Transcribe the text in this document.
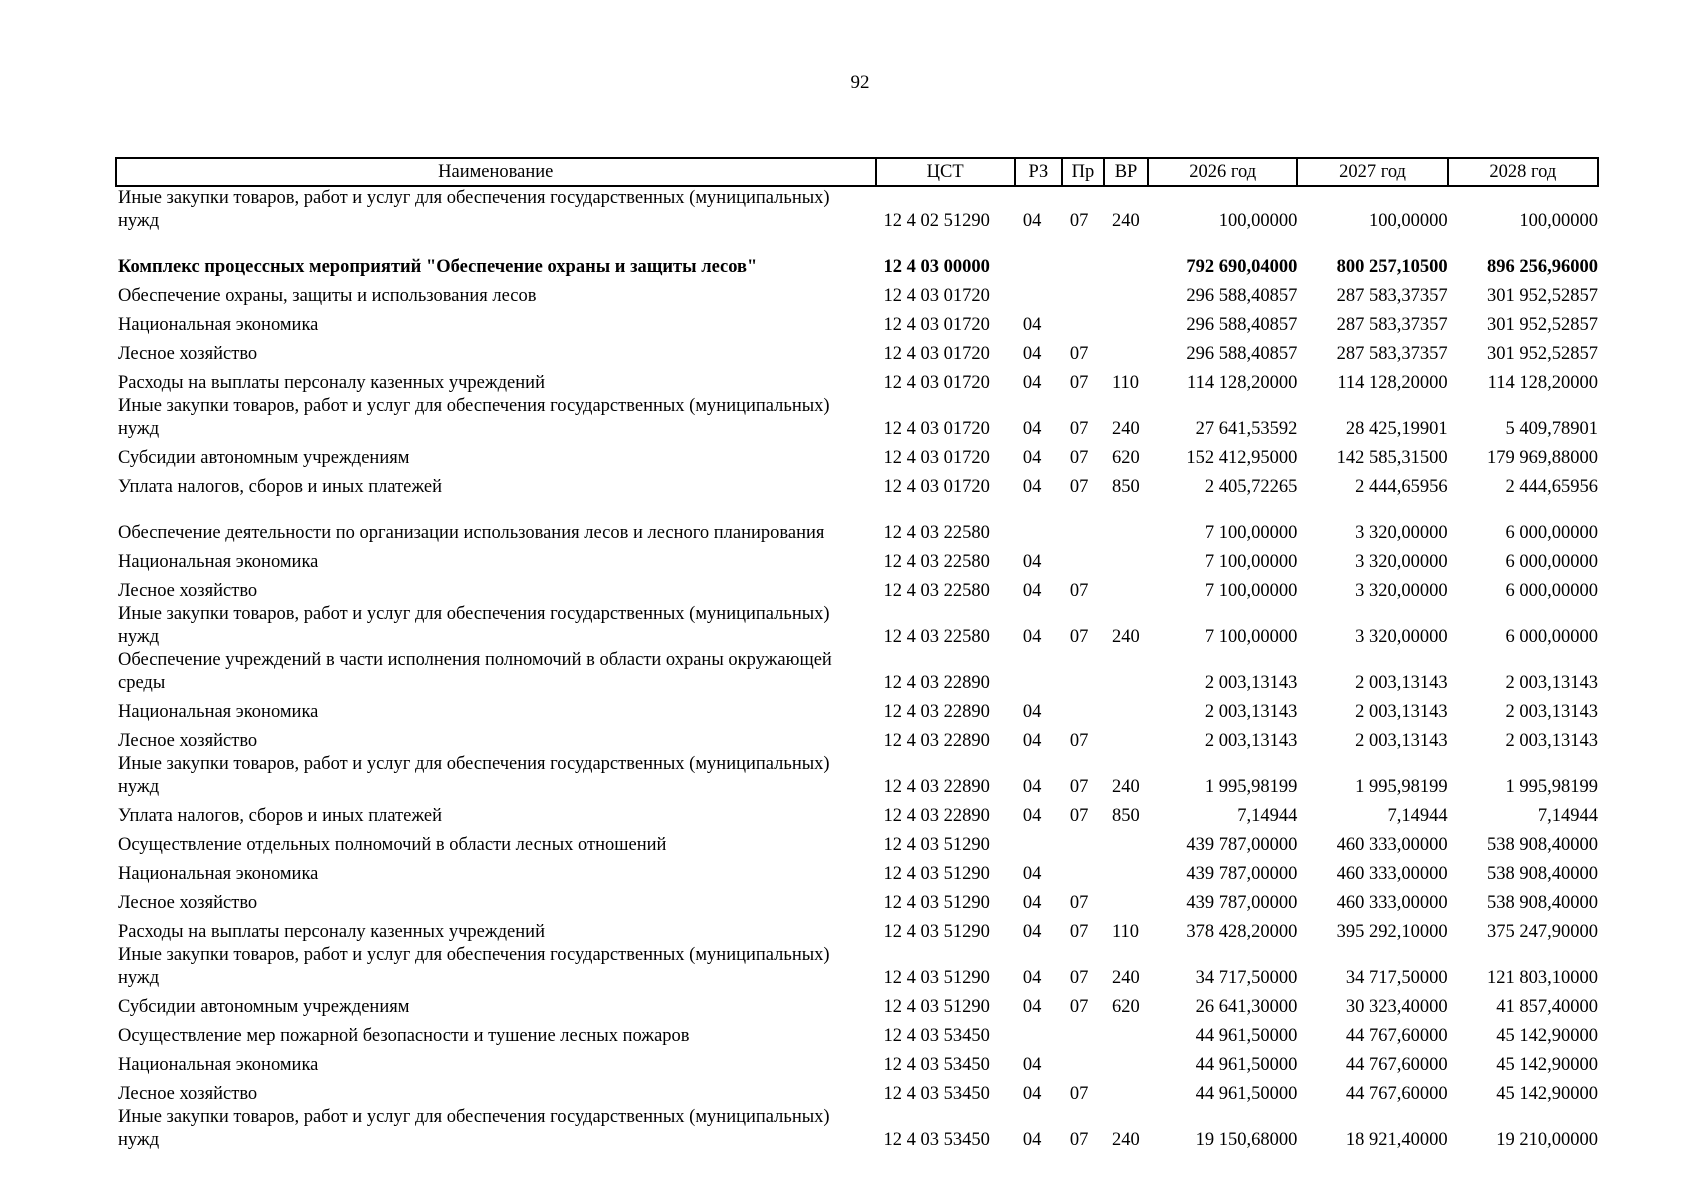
92
Наименование	ЦСТ	РЗ	Пр	ВР	2026 год	2027 год	2028 год
Иные закупки товаров, работ и услуг для обеспечения государственных (муниципальных) нужд	12 4 02 51290	04	07	240	100,00000	100,00000	100,00000
Комплекс процессных мероприятий "Обеспечение охраны и защиты лесов"	12 4 03 00000				792 690,04000	800 257,10500	896 256,96000
Обеспечение охраны, защиты и использования лесов	12 4 03 01720				296 588,40857	287 583,37357	301 952,52857
Национальная экономика	12 4 03 01720	04			296 588,40857	287 583,37357	301 952,52857
Лесное хозяйство	12 4 03 01720	04	07		296 588,40857	287 583,37357	301 952,52857
Расходы на выплаты персоналу казенных учреждений	12 4 03 01720	04	07	110	114 128,20000	114 128,20000	114 128,20000
Иные закупки товаров, работ и услуг для обеспечения государственных (муниципальных) нужд	12 4 03 01720	04	07	240	27 641,53592	28 425,19901	5 409,78901
Субсидии автономным учреждениям	12 4 03 01720	04	07	620	152 412,95000	142 585,31500	179 969,88000
Уплата налогов, сборов и иных платежей	12 4 03 01720	04	07	850	2 405,72265	2 444,65956	2 444,65956
Обеспечение деятельности по организации использования лесов и лесного планирования	12 4 03 22580				7 100,00000	3 320,00000	6 000,00000
Национальная экономика	12 4 03 22580	04			7 100,00000	3 320,00000	6 000,00000
Лесное хозяйство	12 4 03 22580	04	07		7 100,00000	3 320,00000	6 000,00000
Иные закупки товаров, работ и услуг для обеспечения государственных (муниципальных) нужд	12 4 03 22580	04	07	240	7 100,00000	3 320,00000	6 000,00000
Обеспечение учреждений в части исполнения полномочий в области охраны окружающей среды	12 4 03 22890				2 003,13143	2 003,13143	2 003,13143
Национальная экономика	12 4 03 22890	04			2 003,13143	2 003,13143	2 003,13143
Лесное хозяйство	12 4 03 22890	04	07		2 003,13143	2 003,13143	2 003,13143
Иные закупки товаров, работ и услуг для обеспечения государственных (муниципальных) нужд	12 4 03 22890	04	07	240	1 995,98199	1 995,98199	1 995,98199
Уплата налогов, сборов и иных платежей	12 4 03 22890	04	07	850	7,14944	7,14944	7,14944
Осуществление отдельных полномочий в области лесных отношений	12 4 03 51290				439 787,00000	460 333,00000	538 908,40000
Национальная экономика	12 4 03 51290	04			439 787,00000	460 333,00000	538 908,40000
Лесное хозяйство	12 4 03 51290	04	07		439 787,00000	460 333,00000	538 908,40000
Расходы на выплаты персоналу казенных учреждений	12 4 03 51290	04	07	110	378 428,20000	395 292,10000	375 247,90000
Иные закупки товаров, работ и услуг для обеспечения государственных (муниципальных) нужд	12 4 03 51290	04	07	240	34 717,50000	34 717,50000	121 803,10000
Субсидии автономным учреждениям	12 4 03 51290	04	07	620	26 641,30000	30 323,40000	41 857,40000
Осуществление мер пожарной безопасности и тушение лесных пожаров	12 4 03 53450				44 961,50000	44 767,60000	45 142,90000
Национальная экономика	12 4 03 53450	04			44 961,50000	44 767,60000	45 142,90000
Лесное хозяйство	12 4 03 53450	04	07		44 961,50000	44 767,60000	45 142,90000
Иные закупки товаров, работ и услуг для обеспечения государственных (муниципальных) нужд	12 4 03 53450	04	07	240	19 150,68000	18 921,40000	19 210,00000
